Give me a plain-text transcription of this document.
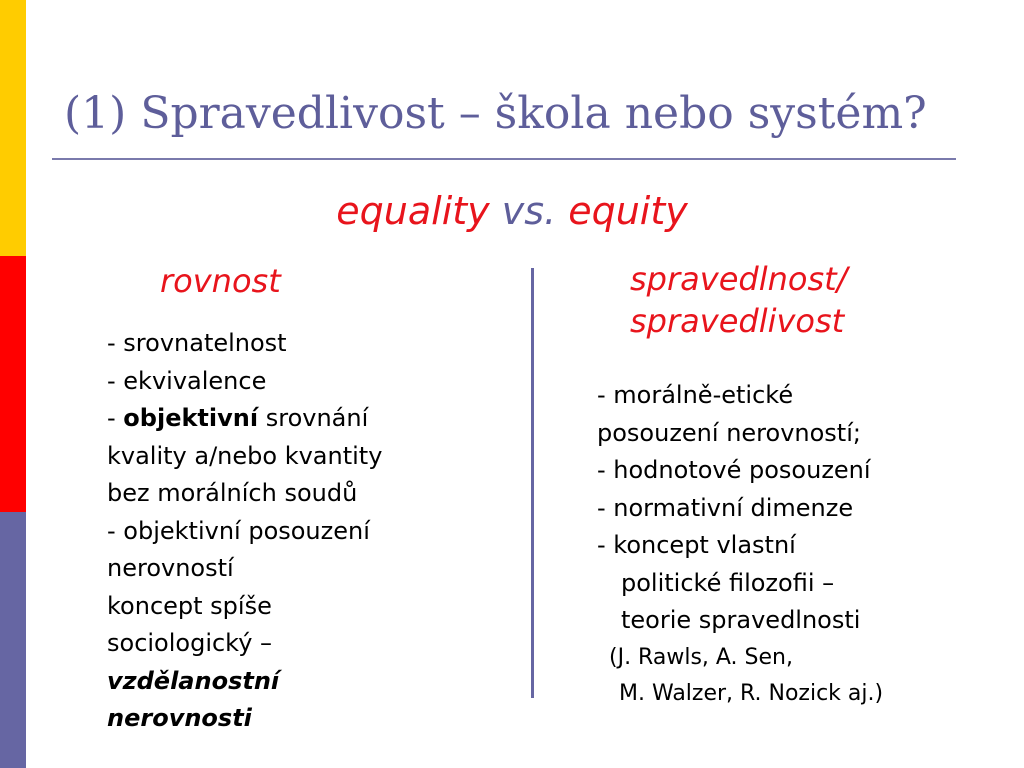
(1) Spravedlivost – škola nebo systém?
equality vs. equity
rovnost
- srovnatelnost
- ekvivalence
- objektivní srovnání
kvality a/nebo kvantity
bez morálních soudů
- objektivní posouzení
nerovností
koncept spíše
sociologický –
vzdělanostní
nerovnosti
spravedlnost/
spravedlivost
- morálně-etické
posouzení nerovností;
- hodnotové posouzení
- normativní dimenze
- koncept vlastní
politické filozofii –
teorie spravedlnosti
(J. Rawls, A. Sen,
M. Walzer, R. Nozick aj.)
